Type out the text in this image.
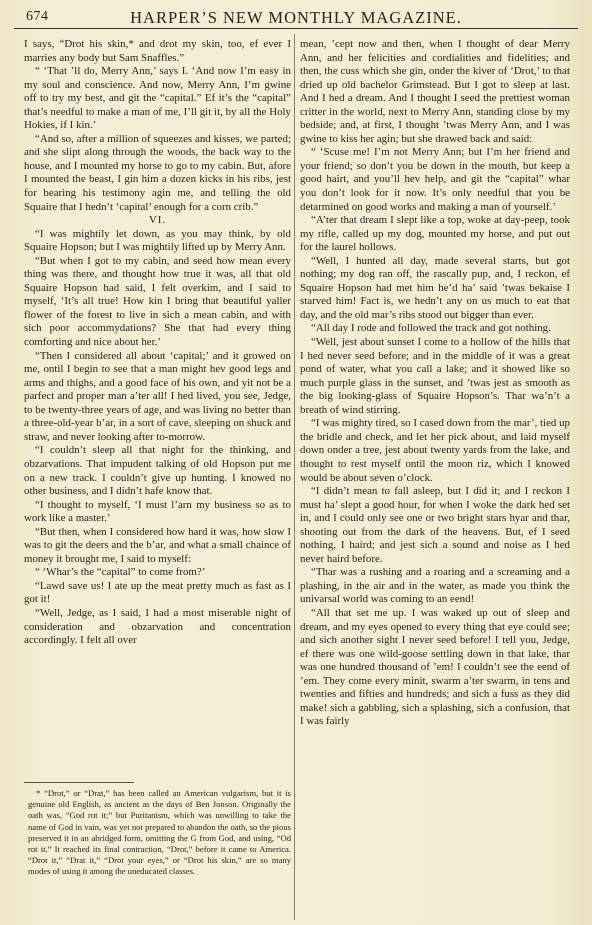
674	HARPER’S NEW MONTHLY MAGAZINE.

I says, “Drot his skin,* and drot my skin, too, ef ever I marries any body but Sam Snaffles.”

“ ‘That ’ll do, Merry Ann,’ says I. ‘And now I’m easy in my soul and conscience. And now, Merry Ann, I’m gwine off to try my best, and git the “capital.” Ef it’s the “capital” that’s needful to make a man of me, I’ll git it, by all the Holy Hokies, if I kin.’

“And so, after a million of squeezes and kisses, we parted; and she slipt along through the woods, the back way to the house, and I mounted my horse to go to my cabin. But, afore I mounted the beast, I gin him a dozen kicks in his ribs, jest for bearing his testimony agin me, and telling the old Squaire that I hedn’t ‘capital’ enough for a corn crib.”

VI.

“I was mightily let down, as you may think, by old Squaire Hopson; but I was mightily lifted up by Merry Ann.

“But when I got to my cabin, and seed how mean every thing was there, and thought how true it was, all that old Squaire Hopson had said, I felt overkim, and I said to myself, ‘It’s all true! How kin I bring that beautiful yaller flower of the forest to live in sich a mean cabin, and with sich poor accommydations? She that had every thing comforting and nice about her.’

“Then I considered all about ‘capital;’ and it growed on me, ontil I begin to see that a man might hev good legs and arms and thighs, and a good face of his own, and yit not be a parfect and proper man a’ter all! I hed lived, you see, Jedge, to be twenty-three years of age, and was living no better than a three-old-year b’ar, in a sort of cave, sleeping on shuck and straw, and never looking after to-morrow.

“I couldn’t sleep all that night for the thinking, and obzarvations. That impudent talking of old Hopson put me on a new track. I couldn’t give up hunting. I knowed no other business, and I didn’t hafe know that.

“I thought to myself, ‘I must l’arn my business so as to work like a master.’

“But then, when I considered how hard it was, how slow I was to git the deers and the b’ar, and what a small chaince of money it brought me, I said to myself:

“ ‘Whar’s the “capital” to come from?’

“Lawd save us! I ate up the meat pretty much as fast as I got it!

“Well, Jedge, as I said, I had a most miserable night of consideration and obzarvation and concentration accordingly. I felt all over

* “Drot,” or “Drat,” has been called an American vulgarism, but it is genuine old English, as ancient as the days of Ben Jonson. Originally the oath was, “God rot it;” but Puritanism, which was unwilling to take the name of God in vain, was yet not prepared to abandon the oath, so the pious preserved it in an abridged form, omitting the G from God, and using, “Od rot it.” It reached its final contraction, “Drot,” before it came to America. “Drot it,” “Drat it,” “Drot your eyes,” or “Drot his skin,” are so many modes of using it among the uneducated classes.

mean, ’cept now and then, when I thought of dear Merry Ann, and her felicities and cordialities and fidelities; and then, the cuss which she gin, onder the kiver of ‘Drot,’ to that dried up old bachelor Grimstead. But I got to sleep at last. And I hed a dream. And I thought I seed the prettiest woman critter in the world, next to Merry Ann, standing close by my bedside; and, at first, I thought ’twas Merry Ann, and I was gwine to kiss her agin; but she drawed back and said:

“ ‘Scuse me! I’m not Merry Ann; but I’m her friend and your friend; so don’t you be down in the mouth, but keep a good hairt, and you’ll hev help, and git the “capital” whar you don’t look for it now. It’s only needful that you be detarmined on good works and making a man of yourself.’

“A’ter that dream I slept like a top, woke at day-peep, took my rifle, called up my dog, mounted my horse, and put out for the laurel hollows.

“Well, I hunted all day, made several starts, but got nothing; my dog ran off, the rascally pup, and, I reckon, ef Squaire Hopson had met him he’d ha’ said ’twas bekaise I starved him! Fact is, we hedn’t any on us much to eat that day, and the old mar’s ribs stood out bigger than ever.

“All day I rode and followed the track and got nothing.

“Well, jest about sunset I come to a hollow of the hills that I hed never seed before; and in the middle of it was a great pond of water, what you call a lake; and it showed like so much purple glass in the sunset, and ’twas jest as smooth as the big looking-glass of Squaire Hopson’s. Thar wa’n’t a breath of wind stirring.

“I was mighty tired, so I cased down from the mar’, tied up the bridle and check, and let her pick about, and laid myself down onder a tree, jest about twenty yards from the lake, and thought to rest myself ontil the moon riz, which I knowed would be about seven o’clock.

“I didn’t mean to fall asleep, but I did it; and I reckon I must ha’ slept a good hour, for when I woke the dark hed set in, and I could only see one or two bright stars hyar and thar, shooting out from the dark of the heavens. But, ef I seed nothing, I haird; and jest sich a sound and noise as I hed never haird before.

“Thar was a rushing and a roaring and a screaming and a plashing, in the air and in the water, as made you think the univarsal world was coming to an eend!

“All that set me up. I was waked up out of sleep and dream, and my eyes opened to every thing that eye could see; and sich another sight I never seed before! I tell you, Jedge, ef there was one wild-goose settling down in that lake, thar was one hundred thousand of ’em! I couldn’t see the eend of ’em. They come every minit, swarm a’ter swarm, in tens and twenties and fifties and hundreds; and sich a fuss as they did make! sich a gabbling, sich a splashing, sich a confusion, that I was fairly
